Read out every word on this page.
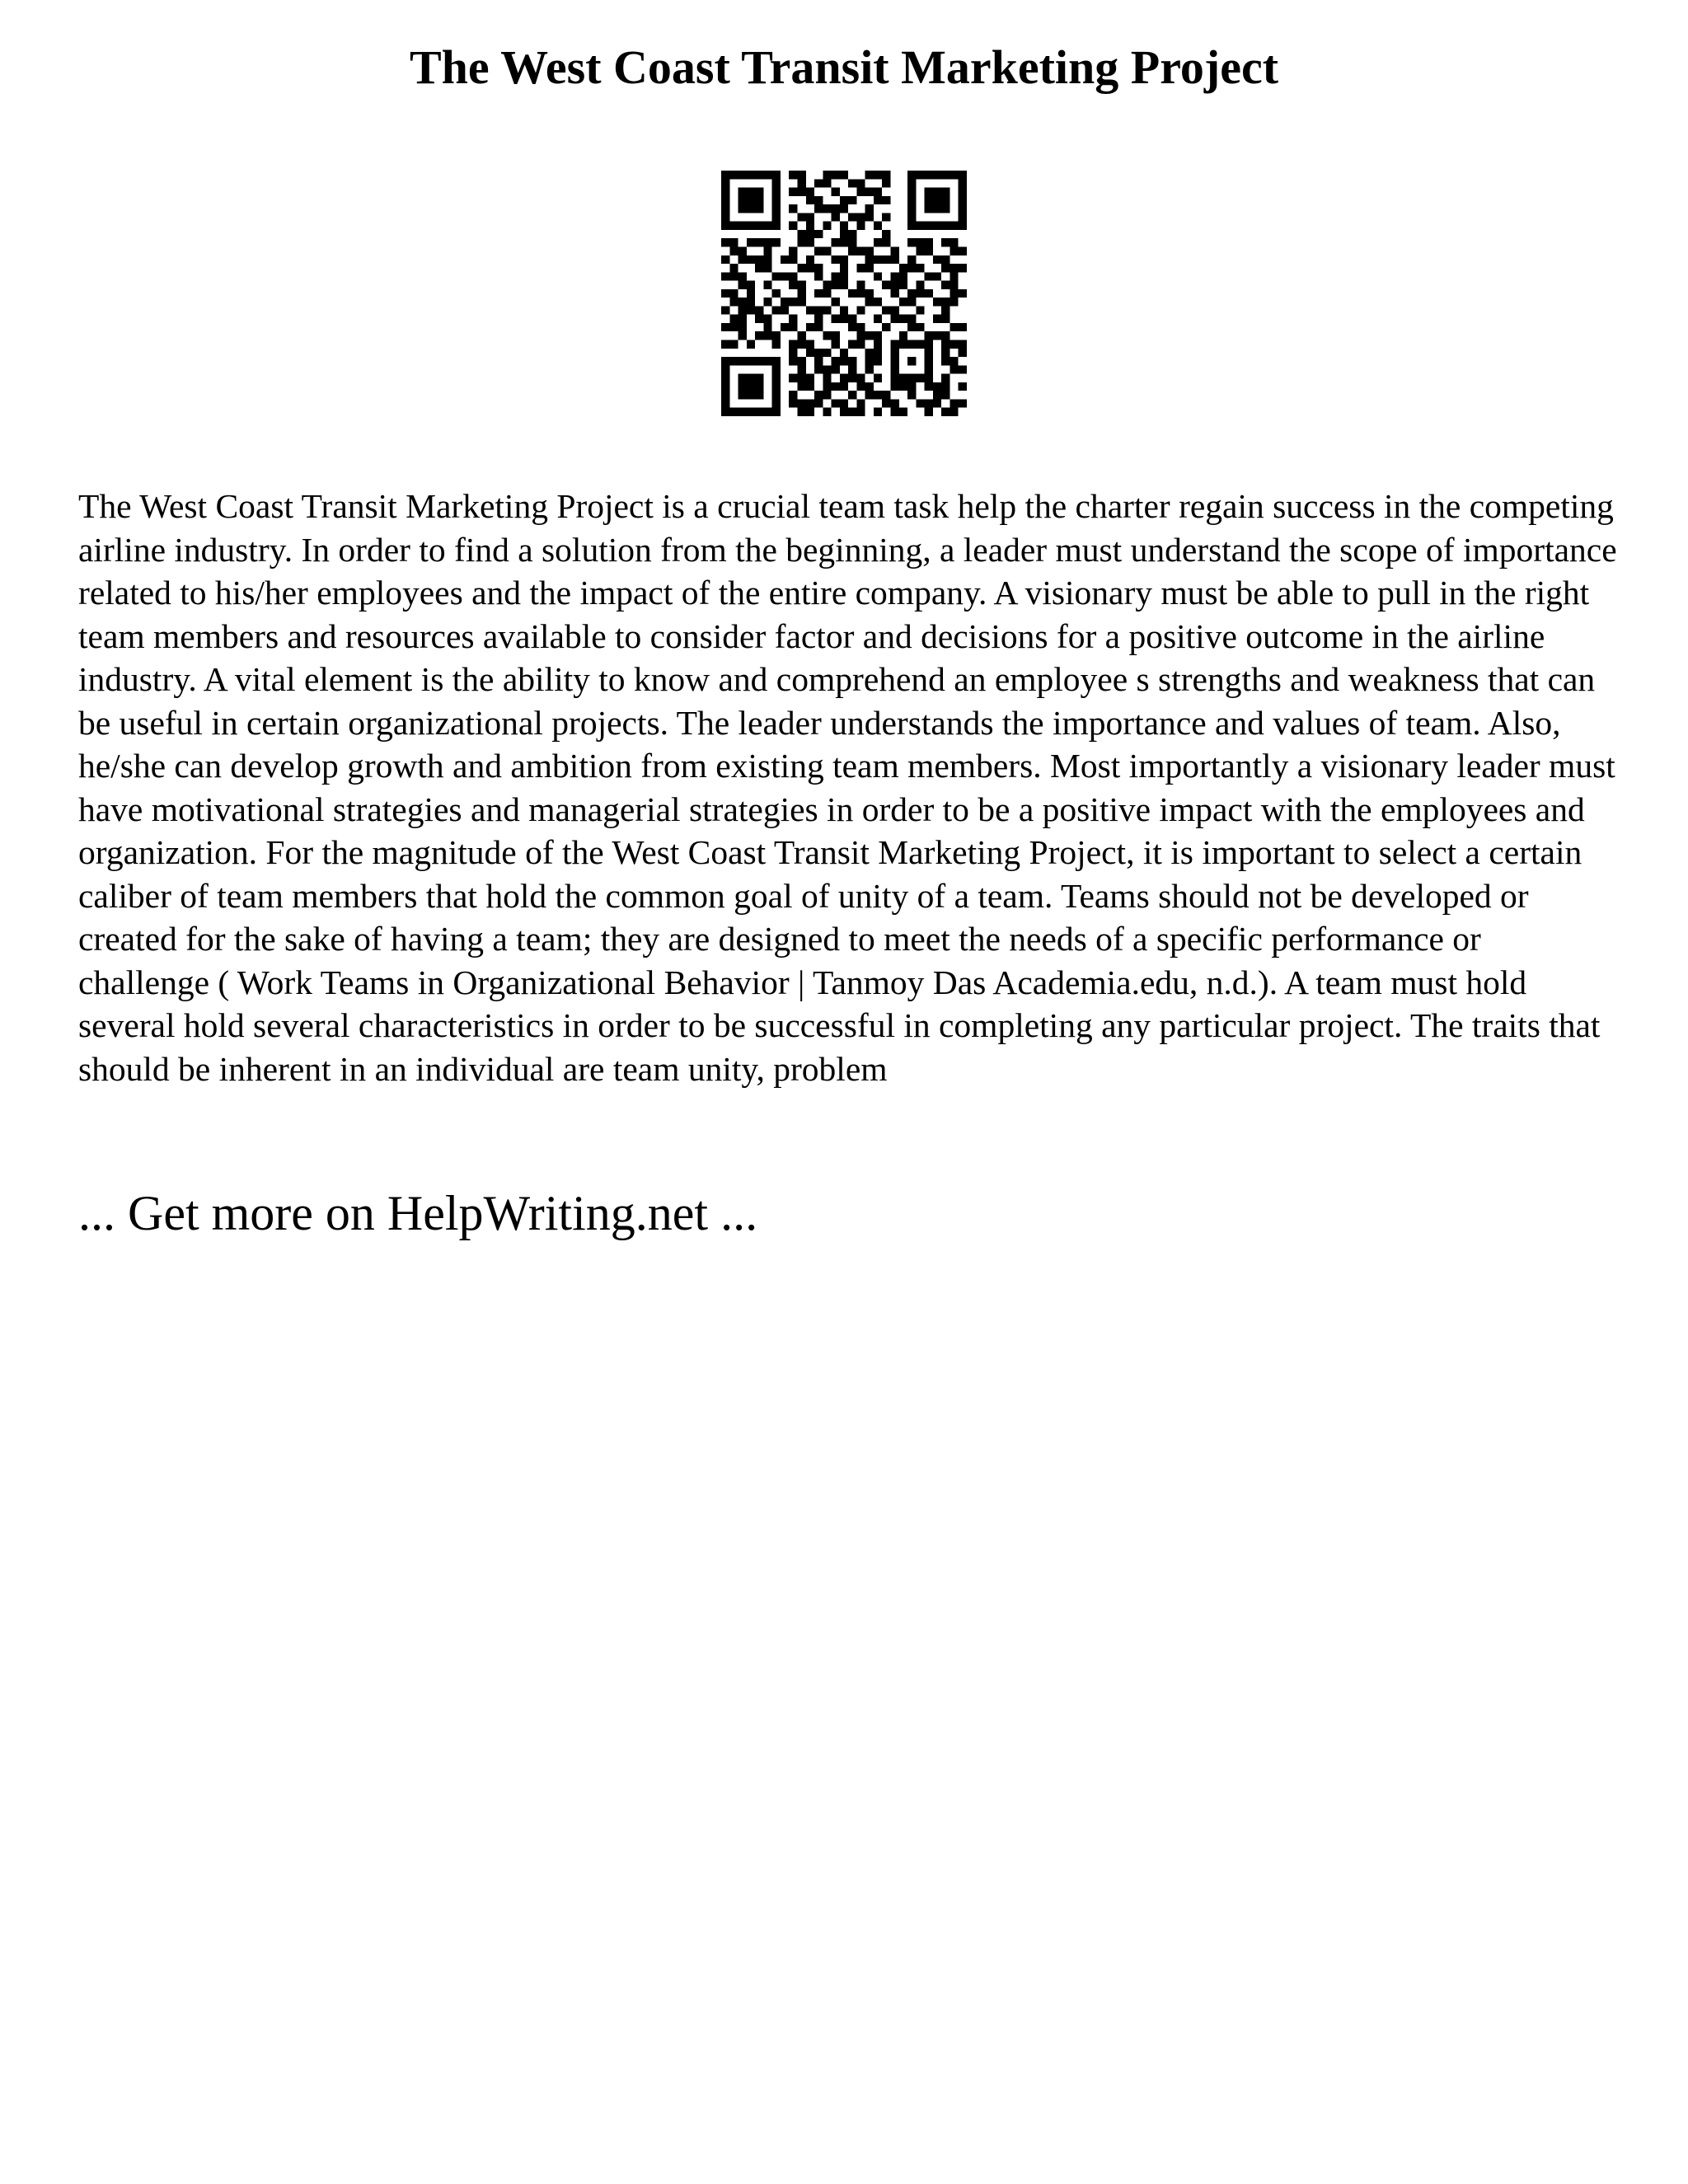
The West Coast Transit Marketing Project

The West Coast Transit Marketing Project is a crucial team task help the charter regain success in the competing airline industry. In order to find a solution from the beginning, a leader must understand the scope of importance related to his/her employees and the impact of the entire company. A visionary must be able to pull in the right team members and resources available to consider factor and decisions for a positive outcome in the airline industry. A vital element is the ability to know and comprehend an employee s strengths and weakness that can be useful in certain organizational projects. The leader understands the importance and values of team. Also, he/she can develop growth and ambition from existing team members. Most importantly a visionary leader must have motivational strategies and managerial strategies in order to be a positive impact with the employees and organization. For the magnitude of the West Coast Transit Marketing Project, it is important to select a certain caliber of team members that hold the common goal of unity of a team. Teams should not be developed or created for the sake of having a team; they are designed to meet the needs of a specific performance or challenge ( Work Teams in Organizational Behavior | Tanmoy Das Academia.edu, n.d.). A team must hold several hold several characteristics in order to be successful in completing any particular project. The traits that should be inherent in an individual are team unity, problem

... Get more on HelpWriting.net ...
